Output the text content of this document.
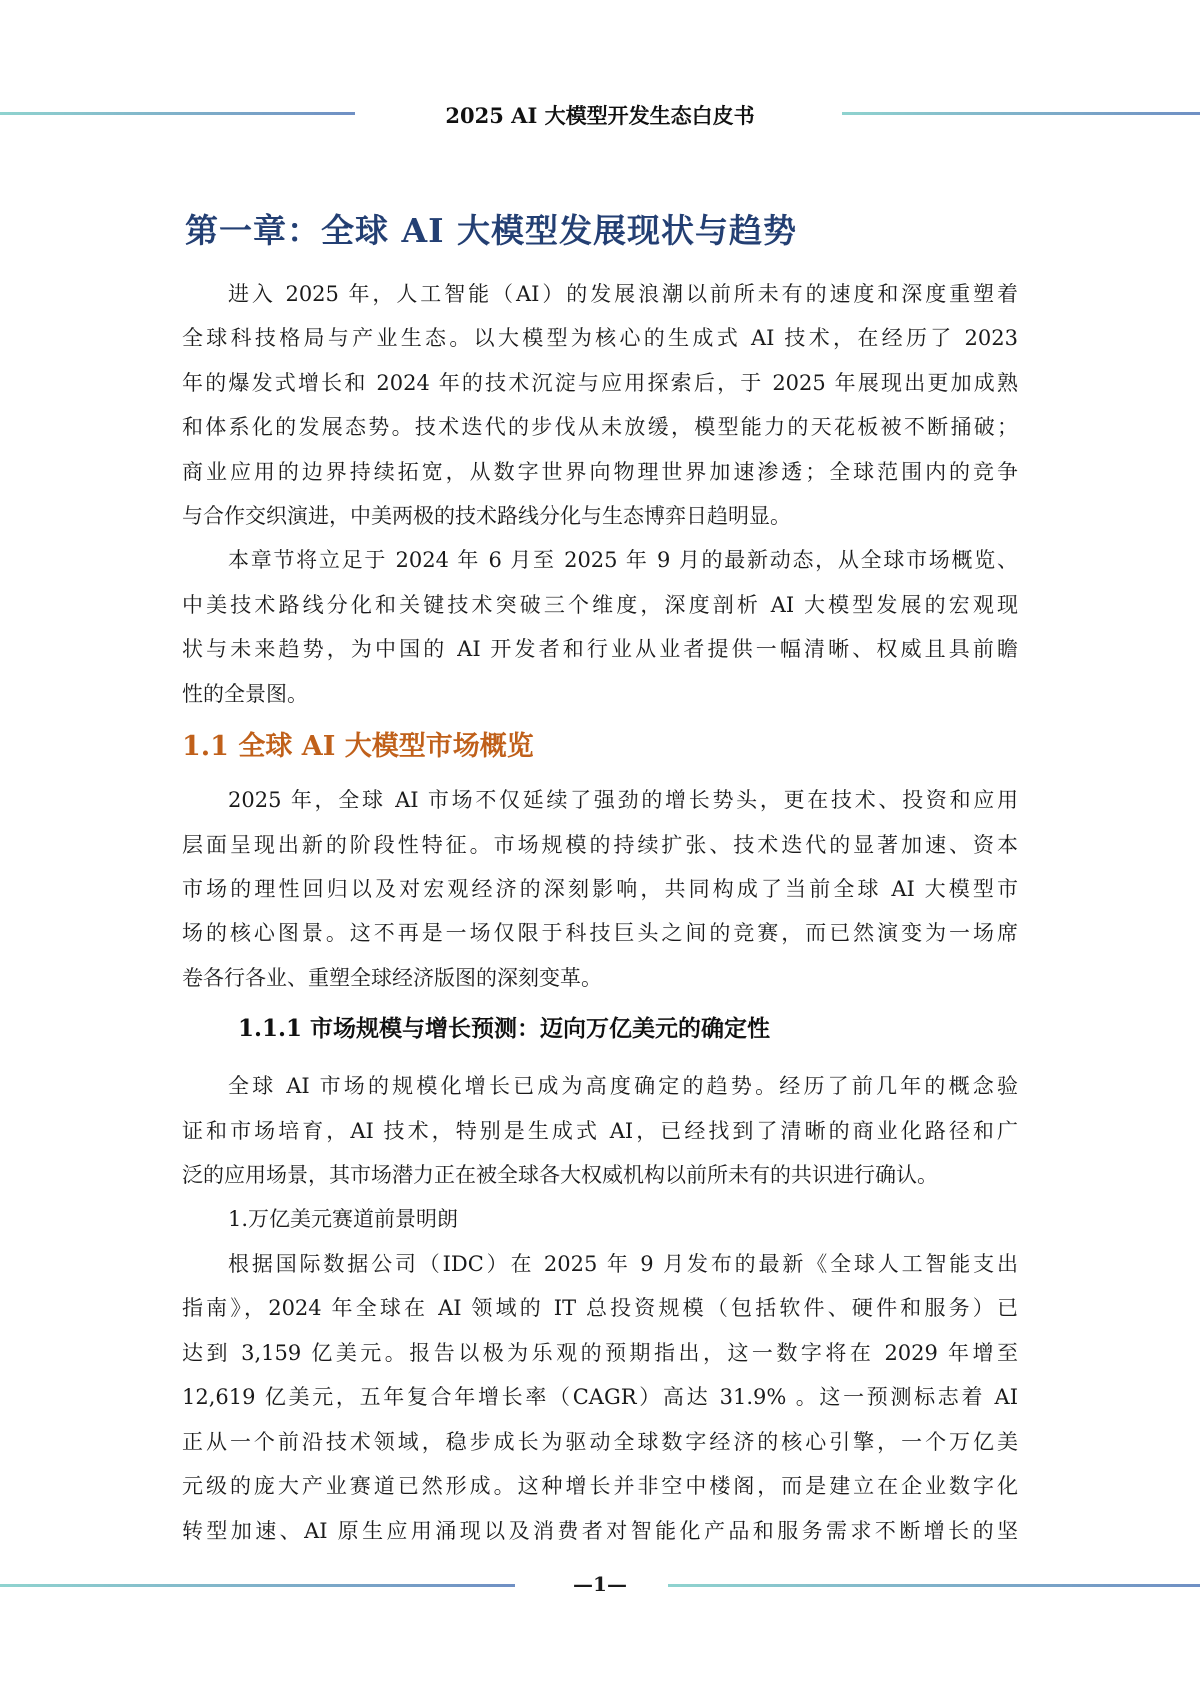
2025 AI 大模型开发生态白皮书
第一章：全球 AI 大模型发展现状与趋势
1.1 全球 AI 大模型市场概览
1.1.1 市场规模与增长预测：迈向万亿美元的确定性
1.万亿美元赛道前景明朗
进入 2025 年，人工智能（AI）的发展浪潮以前所未有的速度和深度重塑着
全球科技格局与产业生态。以大模型为核心的生成式 AI 技术，在经历了 2023
年的爆发式增长和 2024 年的技术沉淀与应用探索后，于 2025 年展现出更加成熟
和体系化的发展态势。技术迭代的步伐从未放缓，模型能力的天花板被不断捅破；
商业应用的边界持续拓宽，从数字世界向物理世界加速渗透；全球范围内的竞争
与合作交织演进，中美两极的技术路线分化与生态博弈日趋明显。
本章节将立足于 2024 年 6 月至 2025 年 9 月的最新动态，从全球市场概览、
中美技术路线分化和关键技术突破三个维度，深度剖析 AI 大模型发展的宏观现
状与未来趋势，为中国的 AI 开发者和行业从业者提供一幅清晰、权威且具前瞻
性的全景图。
2025 年，全球 AI 市场不仅延续了强劲的增长势头，更在技术、投资和应用
层面呈现出新的阶段性特征。市场规模的持续扩张、技术迭代的显著加速、资本
市场的理性回归以及对宏观经济的深刻影响，共同构成了当前全球 AI 大模型市
场的核心图景。这不再是一场仅限于科技巨头之间的竞赛，而已然演变为一场席
卷各行各业、重塑全球经济版图的深刻变革。
全球 AI 市场的规模化增长已成为高度确定的趋势。经历了前几年的概念验
证和市场培育，AI 技术，特别是生成式 AI，已经找到了清晰的商业化路径和广
泛的应用场景，其市场潜力正在被全球各大权威机构以前所未有的共识进行确认。
根据国际数据公司（IDC）在 2025 年 9 月发布的最新《全球人工智能支出
指南》，2024 年全球在 AI 领域的 IT 总投资规模（包括软件、硬件和服务）已
达到 3,159 亿美元。报告以极为乐观的预期指出，这一数字将在 2029 年增至
12,619 亿美元，五年复合年增长率（CAGR）高达 31.9% 。这一预测标志着 AI
正从一个前沿技术领域，稳步成长为驱动全球数字经济的核心引擎，一个万亿美
元级的庞大产业赛道已然形成。这种增长并非空中楼阁，而是建立在企业数字化
转型加速、AI 原生应用涌现以及消费者对智能化产品和服务需求不断增长的坚
—1—
